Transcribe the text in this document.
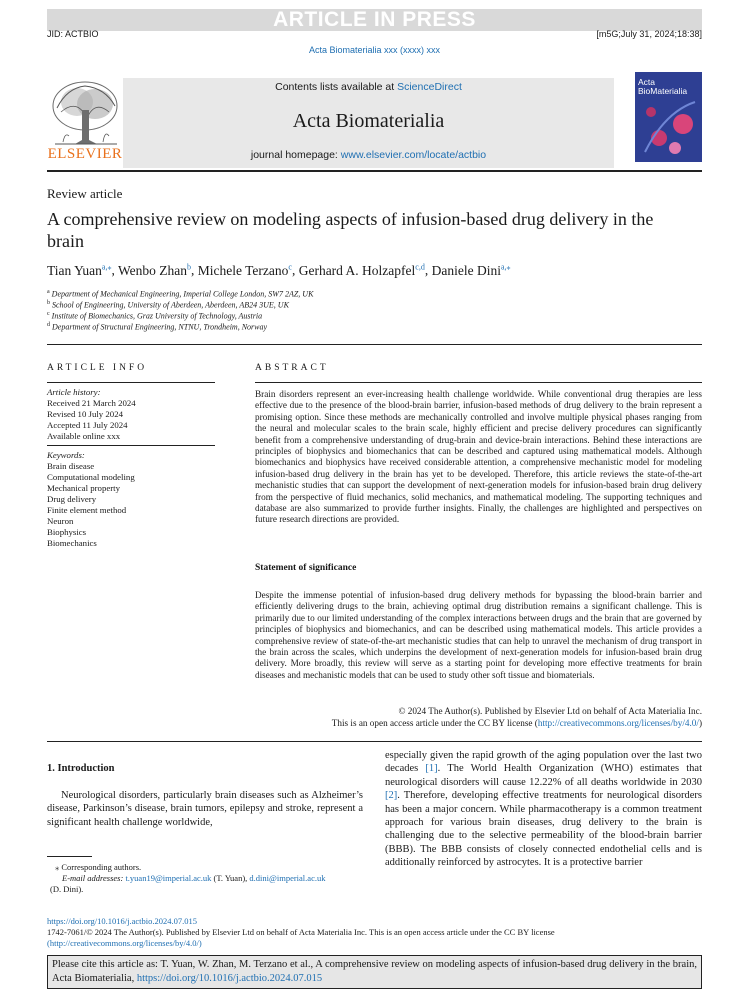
ARTICLE IN PRESS
JID: ACTBIO	[m5G;July 31, 2024;18:38]
Acta Biomaterialia xxx (xxxx) xxx
ELSEVIER
Contents lists available at ScienceDirect
Acta Biomaterialia
journal homepage: www.elsevier.com/locate/actbio
Acta BioMaterialia
Review article
A comprehensive review on modeling aspects of infusion-based drug delivery in the brain
Tian Yuan$^{a,⁎}$, Wenbo Zhan$^b$, Michele Terzano$^c$, Gerhard A. Holzapfel$^{c,d}$, Daniele Dini$^{a,⁎}$
$^a$ Department of Mechanical Engineering, Imperial College London, SW7 2AZ, UK
$^b$ School of Engineering, University of Aberdeen, Aberdeen, AB24 3UE, UK
$^c$ Institute of Biomechanics, Graz University of Technology, Austria
$^d$ Department of Structural Engineering, NTNU, Trondheim, Norway
ARTICLE INFO
Article history:
Received 21 March 2024
Revised 10 July 2024
Accepted 11 July 2024
Available online xxx
Keywords:
Brain disease
Computational modeling
Mechanical property
Drug delivery
Finite element method
Neuron
Biophysics
Biomechanics
ABSTRACT
Brain disorders represent an ever-increasing health challenge worldwide. While conventional drug therapies are less effective due to the presence of the blood-brain barrier, infusion-based methods of drug delivery to the brain represent a promising option. Since these methods are mechanically controlled and involve multiple physical phases ranging from the neural and molecular scales to the brain scale, highly efficient and precise delivery procedures can significantly benefit from a comprehensive understanding of drug-brain and device-brain interactions. Behind these interactions are principles of biophysics and biomechanics that can be described and captured using mathematical models. Although biomechanics and biophysics have received considerable attention, a comprehensive mechanistic model for modeling infusion-based drug delivery in the brain has yet to be developed. Therefore, this article reviews the state-of-the-art mechanistic studies that can support the development of next-generation models for infusion-based brain drug delivery from the perspective of fluid mechanics, solid mechanics, and mathematical modeling. The supporting techniques and database are also summarized to provide further insights. Finally, the challenges are highlighted and perspectives on future research directions are provided.
Statement of significance
Despite the immense potential of infusion-based drug delivery methods for bypassing the blood-brain barrier and efficiently delivering drugs to the brain, achieving optimal drug distribution remains a significant challenge. This is primarily due to our limited understanding of the complex interactions between drugs and the brain that are governed by principles of biophysics and biomechanics, and can be described using mathematical models. This article provides a comprehensive review of state-of-the-art mechanistic studies that can help to unravel the mechanism of drug transport in the brain across the scales, which underpins the development of next-generation models for infusion-based brain drug delivery. More broadly, this review will serve as a starting point for developing more effective treatments for brain diseases and mechanistic models that can be used to study other soft tissue and biomaterials.
© 2024 The Author(s). Published by Elsevier Ltd on behalf of Acta Materialia Inc.
This is an open access article under the CC BY license (http://creativecommons.org/licenses/by/4.0/)
1. Introduction
Neurological disorders, particularly brain diseases such as Alzheimer’s disease, Parkinson’s disease, brain tumors, epilepsy and stroke, represent a significant health challenge worldwide,
especially given the rapid growth of the aging population over the last two decades [1]. The World Health Organization (WHO) estimates that neurological disorders will cause 12.22% of all deaths worldwide in 2030 [2]. Therefore, developing effective treatments for neurological disorders has been a major concern. While pharmacotherapy is a common treatment approach for various brain diseases, drug delivery to the brain is challenging due to the selective permeability of the blood-brain barrier (BBB). The BBB consists of closely connected endothelial cells and is additionally reinforced by astrocytes. It is a protective barrier
⁎ Corresponding authors.
E-mail addresses: t.yuan19@imperial.ac.uk (T. Yuan), d.dini@imperial.ac.uk
(D. Dini).
https://doi.org/10.1016/j.actbio.2024.07.015
1742-7061/© 2024 The Author(s). Published by Elsevier Ltd on behalf of Acta Materialia Inc. This is an open access article under the CC BY license
(http://creativecommons.org/licenses/by/4.0/)
Please cite this article as: T. Yuan, W. Zhan, M. Terzano et al., A comprehensive review on modeling aspects of infusion-based drug delivery in the brain, Acta Biomaterialia, https://doi.org/10.1016/j.actbio.2024.07.015
